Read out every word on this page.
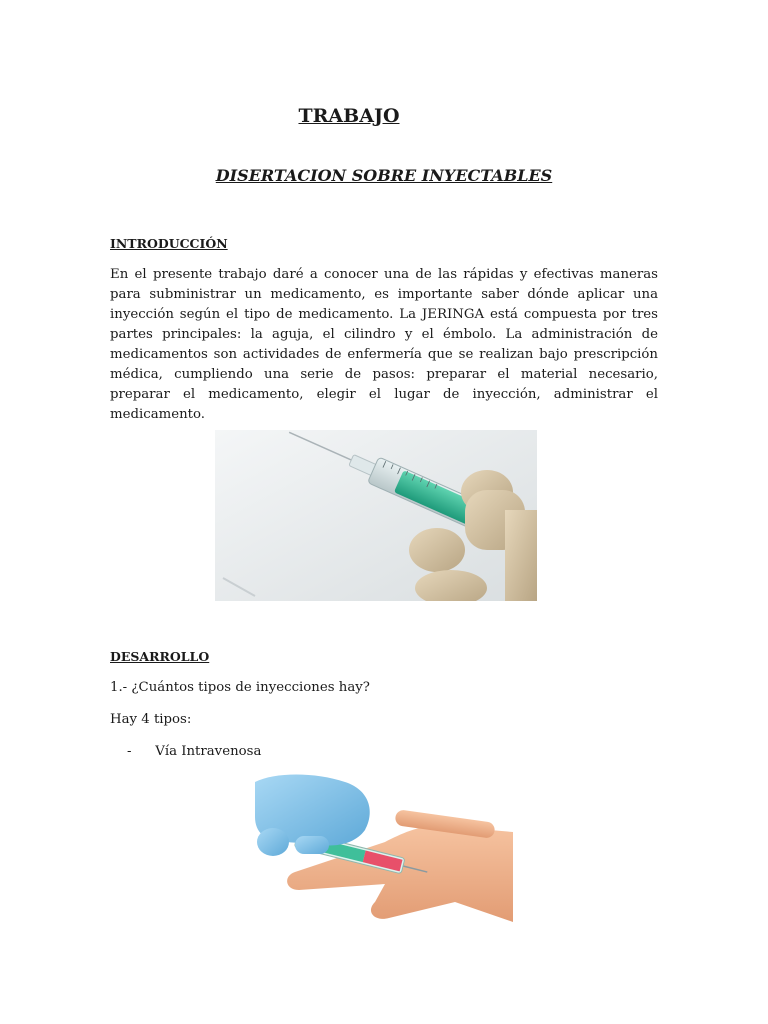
TRABAJO
DISERTACION SOBRE INYECTABLES
INTRODUCCIÓN
En el presente trabajo daré a conocer una de las rápidas y efectivas maneras para subministrar un medicamento, es importante saber dónde aplicar una inyección según el tipo de medicamento. La JERINGA está compuesta por tres partes principales: la aguja, el cilindro y el émbolo. La administración de medicamentos son actividades de enfermería que se realizan bajo prescripción médica, cumpliendo una serie de pasos: preparar el material necesario, preparar el medicamento, elegir el lugar de inyección, administrar el medicamento.
DESARROLLO
1.- ¿Cuántos tipos de inyecciones hay?
Hay 4 tipos:
- Vía Intravenosa
